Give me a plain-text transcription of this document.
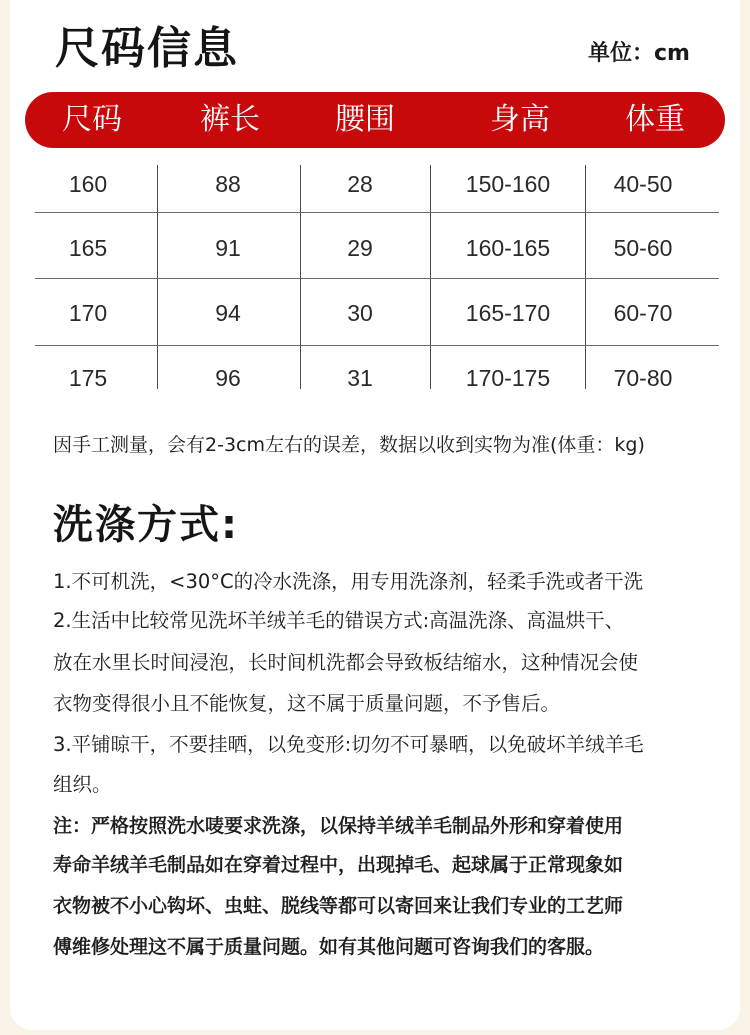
尺码信息	单位：cm
尺码	裤长	腰围	身高	体重
160	88	28	150-160	40-50
165	91	29	160-165	50-60
170	94	30	165-170	60-70
175	96	31	170-175	70-80
因手工测量，会有2-3cm左右的误差，数据以收到实物为准(体重：kg)
洗涤方式:
1.不可机洗，<30°C的冷水洗涤，用专用洗涤剂，轻柔手洗或者干洗
2.生活中比较常见洗坏羊绒羊毛的错误方式:高温洗涤、高温烘干、
放在水里长时间浸泡，长时间机洗都会导致板结缩水，这种情况会使
衣物变得很小且不能恢复，这不属于质量问题，不予售后。
3.平铺晾干，不要挂晒，以免变形:切勿不可暴晒，以免破坏羊绒羊毛
组织。
注：严格按照洗水唛要求洗涤，以保持羊绒羊毛制品外形和穿着使用
寿命羊绒羊毛制品如在穿着过程中，出现掉毛、起球属于正常现象如
衣物被不小心钩坏、虫蛀、脱线等都可以寄回来让我们专业的工艺师
傅维修处理这不属于质量问题。如有其他问题可咨询我们的客服。
